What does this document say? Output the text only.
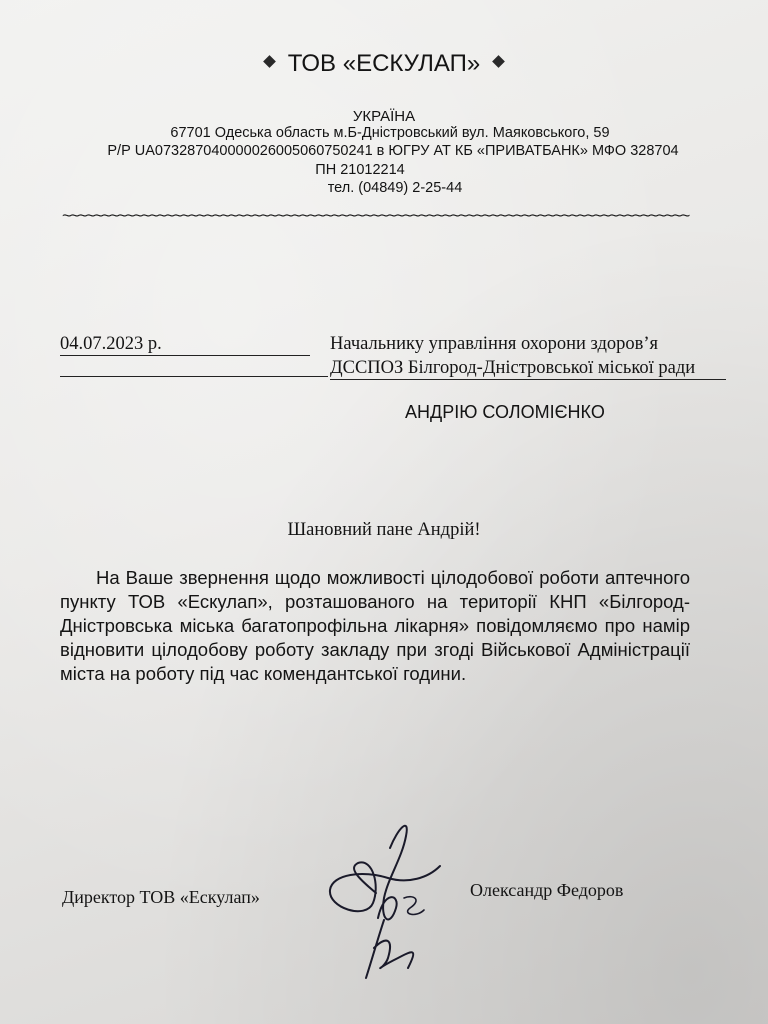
ТОВ «ЕСКУЛАП»
УКРАЇНА
67701 Одеська область м.Б-Дністровський вул. Маяковського, 59
Р/Р UA073287040000026005060750241 в ЮГРУ АТ КБ «ПРИВАТБАНК» МФО 328704
ПН 21012214
тел. (04849) 2-25-44
~~~~~~~~~~~~~~~~~~~~~~~~~~~~~~~~~~~~~~~~~~~~~~~~~~~~~~~~~~~~~~~~~~~~~~~~~~~~~~~
04.07.2023 р.	Начальнику управління охорони здоров’я
ДССПОЗ Білгород-Дністровської міської ради
АНДРІЮ СОЛОМІЄНКО
Шановний пане Андрій!

На Ваше звернення щодо можливості цілодобової роботи аптечного пункту ТОВ «Ескулап», розташованого на території КНП «Білгород-Дністровська міська багатопрофільна лікарня» повідомляємо про намір відновити цілодобову роботу закладу при згоді Військової Адміністрації міста на роботу під час комендантської години.

Директор ТОВ «Ескулап»	Олександр Федоров
